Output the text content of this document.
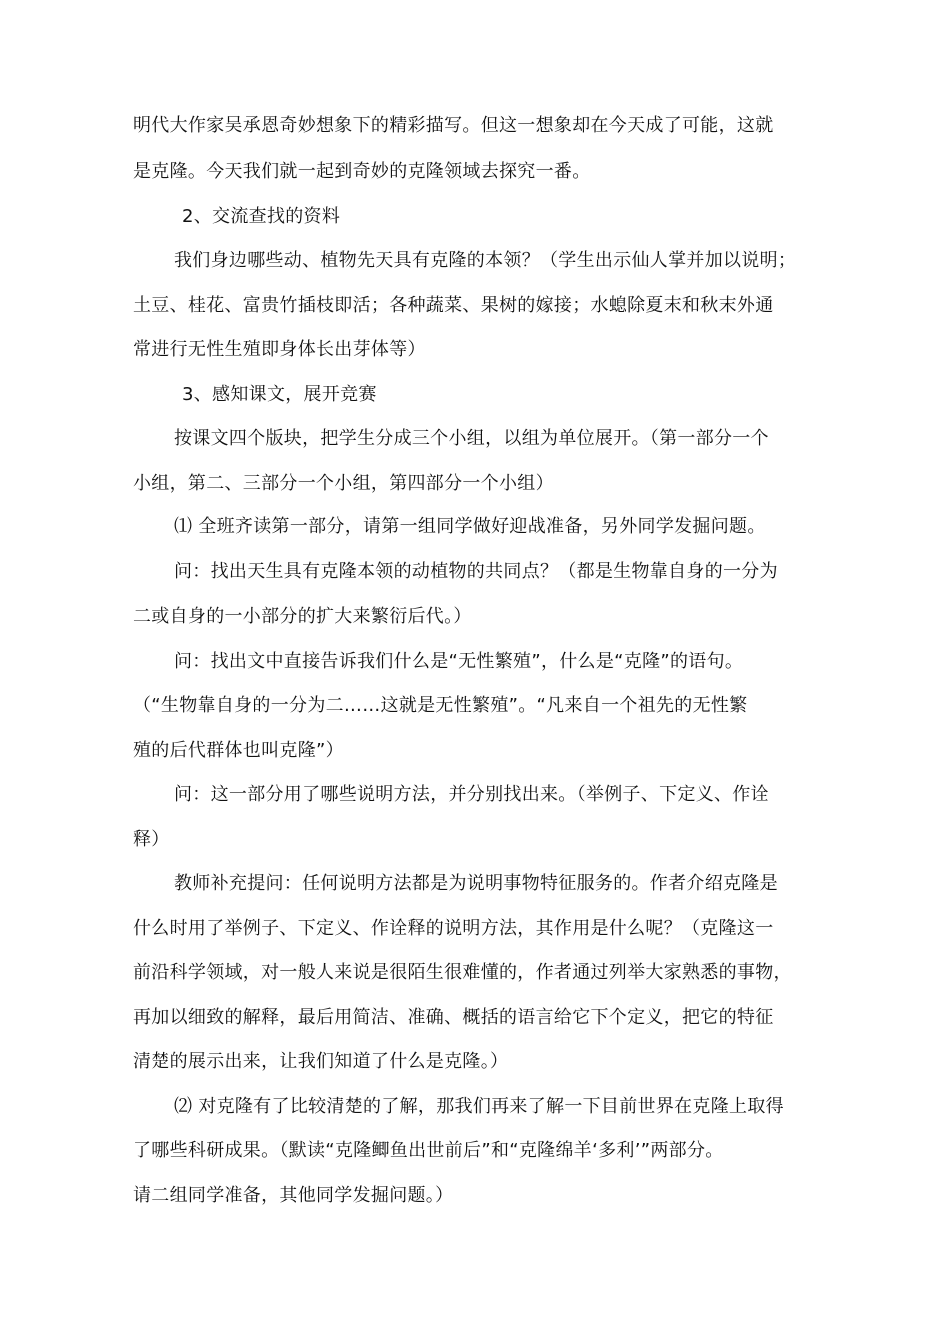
明代大作家吴承恩奇妙想象下的精彩描写。但这一想象却在今天成了可能，这就
是克隆。今天我们就一起到奇妙的克隆领域去探究一番。
2、交流查找的资料
我们身边哪些动、植物先天具有克隆的本领？（学生出示仙人掌并加以说明；
土豆、桂花、富贵竹插枝即活；各种蔬菜、果树的嫁接；水螅除夏末和秋末外通
常进行无性生殖即身体长出芽体等）
3、感知课文，展开竞赛
按课文四个版块，把学生分成三个小组，以组为单位展开。（第一部分一个
小组，第二、三部分一个小组，第四部分一个小组）
⑴ 全班齐读第一部分，请第一组同学做好迎战准备，另外同学发掘问题。
问：找出天生具有克隆本领的动植物的共同点？（都是生物靠自身的一分为
二或自身的一小部分的扩大来繁衍后代。）
问：找出文中直接告诉我们什么是“无性繁殖”，什么是“克隆”的语句。
（“生物靠自身的一分为二……这就是无性繁殖”。“凡来自一个祖先的无性繁
殖的后代群体也叫克隆”）
问：这一部分用了哪些说明方法，并分别找出来。（举例子、下定义、作诠
释）
教师补充提问：任何说明方法都是为说明事物特征服务的。作者介绍克隆是
什么时用了举例子、下定义、作诠释的说明方法，其作用是什么呢？（克隆这一
前沿科学领域，对一般人来说是很陌生很难懂的，作者通过列举大家熟悉的事物，
再加以细致的解释，最后用简洁、准确、概括的语言给它下个定义，把它的特征
清楚的展示出来，让我们知道了什么是克隆。）
⑵ 对克隆有了比较清楚的了解，那我们再来了解一下目前世界在克隆上取得
了哪些科研成果。（默读“克隆鲫鱼出世前后”和“克隆绵羊‘多利’”两部分。
请二组同学准备，其他同学发掘问题。）
